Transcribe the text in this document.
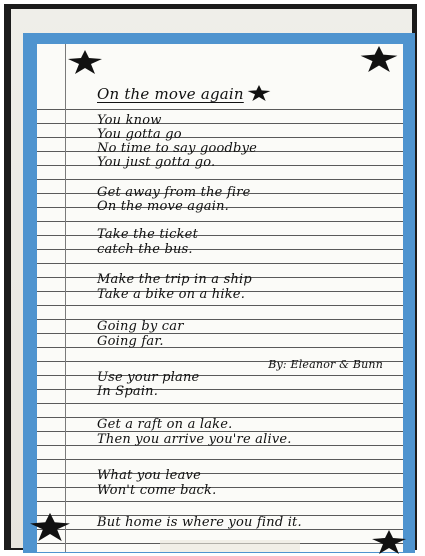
On the move again
You know
You gotta go
No time to say goodbye
You just gotta go.
Get away from the fire
On the move again.
Take the ticket
catch the bus.
Make the trip in a ship
Take a bike on a hike.
Going by car
Going far.
By: Eleanor & Bunn
Use your plane
In Spain.
Get a raft on a lake.
Then you arrive you're alive.
What you leave
Won't come back.
But home is where you find it.
